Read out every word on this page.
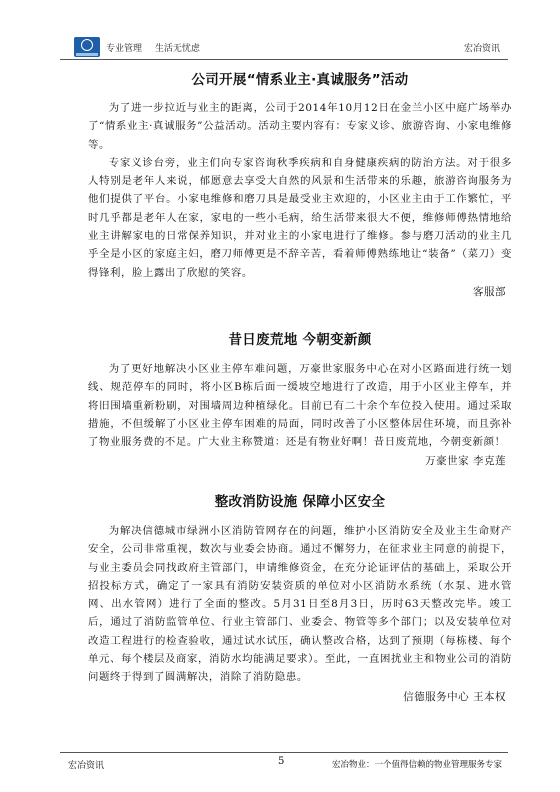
专业管理 生活无忧虑	宏冶资讯
公司开展“情系业主·真诚服务”活动

为了进一步拉近与业主的距离，公司于2014年10月12日在金兰小区中庭广场举办了“情系业主·真诚服务”公益活动。活动主要内容有：专家义诊、旅游咨询、小家电维修等。

专家义诊台旁，业主们向专家咨询秋季疾病和自身健康疾病的防治方法。对于很多人特别是老年人来说，郁愿意去享受大自然的风景和生活带来的乐趣，旅游咨询服务为他们提供了平台。小家电维修和磨刀具是最受业主欢迎的，小区业主由于工作繁忙，平时几乎都是老年人在家，家电的一些小毛病，给生活带来很大不便，维修师傅热情地给业主讲解家电的日常保养知识，并对业主的小家电进行了维修。参与磨刀活动的业主几乎全是小区的家庭主妇，磨刀师傅更是不辞辛苦，看着师傅熟练地让“装备”（菜刀）变得锋利，脸上露出了欣慰的笑容。

客服部
昔日废荒地 今朝变新颜

为了更好地解决小区业主停车难问题，万豪世家服务中心在对小区路面进行统一划线、规范停车的同时，将小区B栋后面一缓坡空地进行了改造，用于小区业主停车，并将旧围墙重新粉刷，对围墙周边种植绿化。目前已有二十余个车位投入使用。通过采取措施，不但缓解了小区业主停车困难的局面，同时改善了小区整体居住环境，而且弥补了物业服务费的不足。广大业主称赞道：还是有物业好啊！昔日废荒地，今朝变新颜！

万豪世家 李克莲
整改消防设施 保障小区安全

为解决信德城市绿洲小区消防管网存在的问题，维护小区消防安全及业主生命财产安全，公司非常重视，数次与业委会协商。通过不懈努力，在征求业主同意的前提下，与业主委员会同找政府主管部门，申请维修资金，在充分论证评估的基础上，采取公开招投标方式，确定了一家具有消防安装资质的单位对小区消防水系统（水泵、进水管网、出水管网）进行了全面的整改。5月31日至8月3日，历时63天整改完毕。竣工后，通过了消防监管单位、行业主管部门、业委会、物管等多个部门；以及安装单位对改造工程进行的检查验收，通过试水试压，确认整改合格，达到了预期（每栋楼、每个单元、每个楼层及商家，消防水均能满足要求）。至此，一直困扰业主和物业公司的消防问题终于得到了圆满解决，消除了消防隐患。

信德服务中心 王本权
宏冶资讯	5	宏冶物业：一个值得信赖的物业管理服务专家
